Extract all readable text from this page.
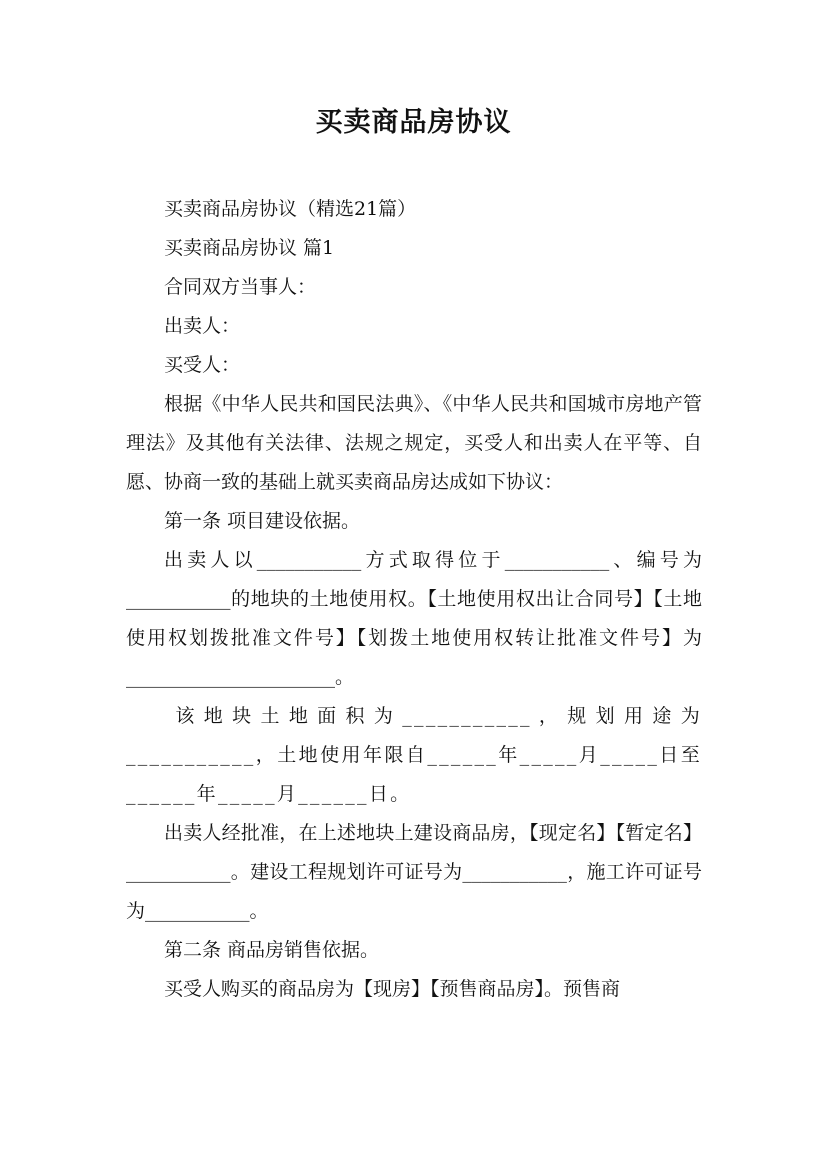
买卖商品房协议

买卖商品房协议（精选21篇）

买卖商品房协议 篇1

合同双方当事人：

出卖人：

买受人：

根据《中华人民共和国民法典》、《中华人民共和国城市房地产管理法》及其他有关法律、法规之规定，买受人和出卖人在平等、自愿、协商一致的基础上就买卖商品房达成如下协议：

第一条 项目建设依据。

出卖人以___________方式取得位于___________、编号为___________的地块的土地使用权。【土地使用权出让合同号】【土地使用权划拨批准文件号】【划拨土地使用权转让批准文件号】为______________________。

该地块土地面积为___________，规划用途为___________，土地使用年限自______年_____月_____日至______年_____月______日。

出卖人经批准，在上述地块上建设商品房，【现定名】【暂定名】___________。建设工程规划许可证号为___________，施工许可证号为___________。

第二条 商品房销售依据。

买受人购买的商品房为【现房】【预售商品房】。预售商
